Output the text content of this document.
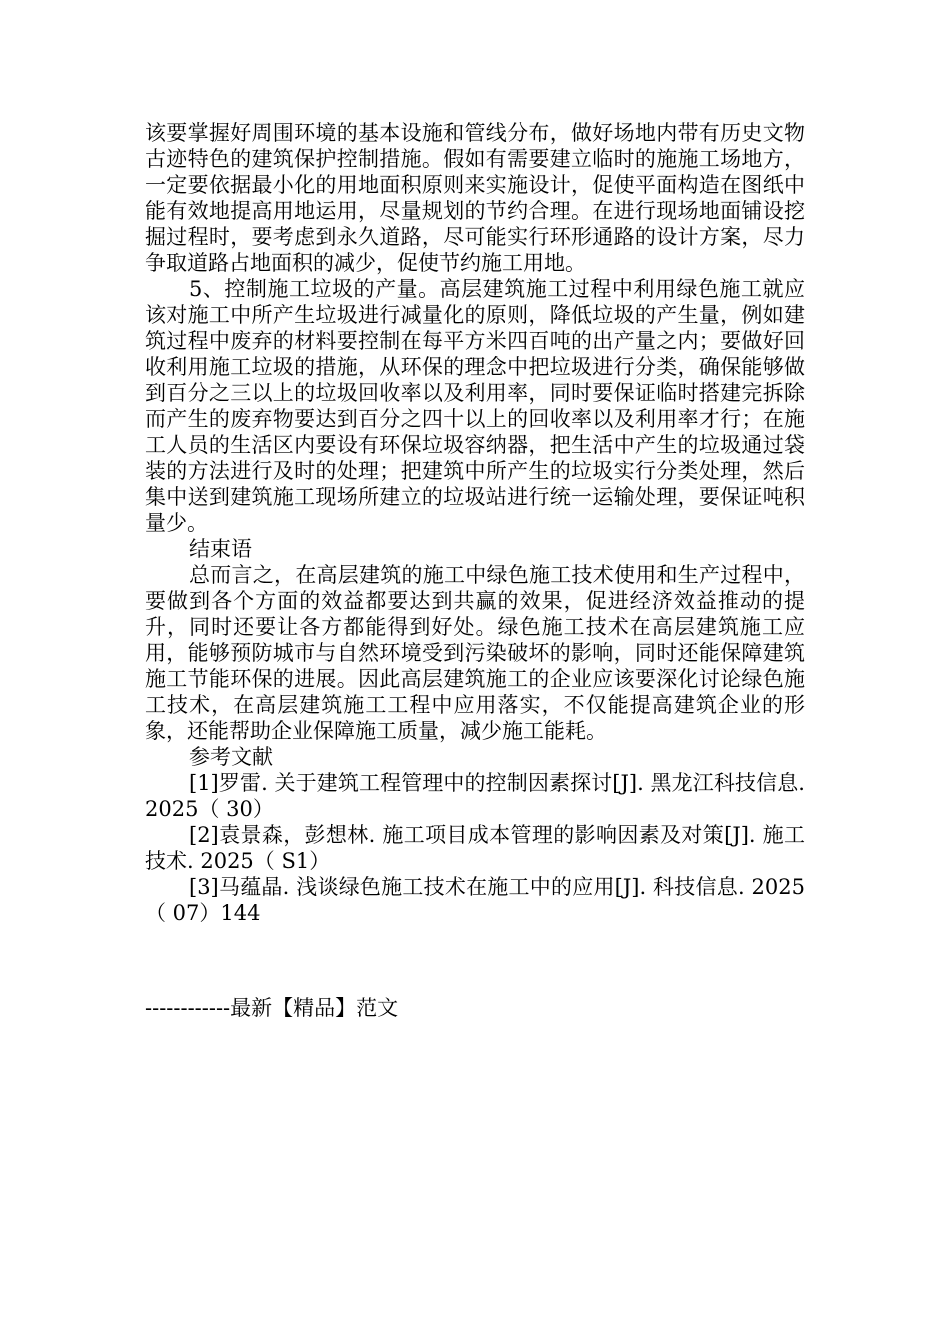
该要掌握好周围环境的基本设施和管线分布，做好场地内带有历史文物古迹特色的建筑保护控制措施。假如有需要建立临时的施施工场地方，一定要依据最小化的用地面积原则来实施设计，促使平面构造在图纸中能有效地提高用地运用，尽量规划的节约合理。在进行现场地面铺设挖掘过程时，要考虑到永久道路，尽可能实行环形通路的设计方案，尽力争取道路占地面积的减少，促使节约施工用地。

5、控制施工垃圾的产量。高层建筑施工过程中利用绿色施工就应该对施工中所产生垃圾进行减量化的原则，降低垃圾的产生量，例如建筑过程中废弃的材料要控制在每平方米四百吨的出产量之内；要做好回收利用施工垃圾的措施，从环保的理念中把垃圾进行分类，确保能够做到百分之三以上的垃圾回收率以及利用率，同时要保证临时搭建完拆除而产生的废弃物要达到百分之四十以上的回收率以及利用率才行；在施工人员的生活区内要设有环保垃圾容纳器，把生活中产生的垃圾通过袋装的方法进行及时的处理；把建筑中所产生的垃圾实行分类处理，然后集中送到建筑施工现场所建立的垃圾站进行统一运输处理，要保证吨积量少。

结束语

总而言之，在高层建筑的施工中绿色施工技术使用和生产过程中，要做到各个方面的效益都要达到共赢的效果，促进经济效益推动的提升，同时还要让各方都能得到好处。绿色施工技术在高层建筑施工应用，能够预防城市与自然环境受到污染破坏的影响，同时还能保障建筑施工节能环保的进展。因此高层建筑施工的企业应该要深化讨论绿色施工技术，在高层建筑施工工程中应用落实，不仅能提高建筑企业的形象，还能帮助企业保障施工质量，减少施工能耗。

参考文献

[1]罗雷. 关于建筑工程管理中的控制因素探讨[J]. 黑龙江科技信息. 2025（ 30）

[2]袁景森，彭想林. 施工项目成本管理的影响因素及对策[J]. 施工技术. 2025（ S1）

[3]马蕴晶. 浅谈绿色施工技术在施工中的应用[J]. 科技信息. 2025（ 07）144

------------最新【精品】范文
